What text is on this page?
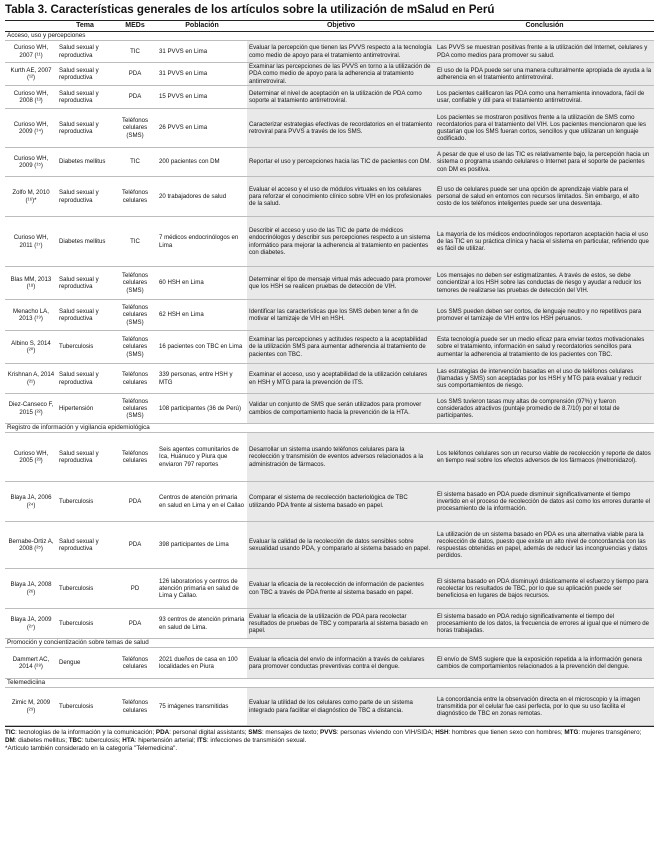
Tabla 3. Características generales de los artículos sobre la utilización de mSalud en Perú
	Tema	MEDs	Población	Objetivo	Conclusión
Acceso, uso y percepciones					
Curioso WH, 2007 (¹¹)	Salud sexual y reproductiva	TIC	31 PVVS en Lima	Evaluar la percepción que tienen las PVVS respecto a la tecnología como medio de apoyo para el tratamiento antirretroviral.	Las PVVS se muestran positivas frente a la utilización del Internet, celulares y PDA como medios para promover su salud.
Kurth AE, 2007 (¹²)	Salud sexual y reproductiva	PDA	31 PVVS en Lima	Examinar las percepciones de las PVVS en torno a la utilización de PDA como medio de apoyo para la adherencia al tratamiento antirretroviral.	El uso de la PDA puede ser una manera culturalmente apropiada de ayuda a la adherencia en el tratamiento antirretroviral.
Curioso WH, 2008 (¹³)	Salud sexual y reproductiva	PDA	15 PVVS en Lima	Determinar el nivel de aceptación en la utilización de PDA como soporte al tratamiento antirretroviral.	Los pacientes calificaron las PDA como una herramienta innovadora, fácil de usar, confiable y útil para el tratamiento antirretroviral.
Curioso WH, 2009 (¹⁴)	Salud sexual y reproductiva	Teléfonos celulares (SMS)	26 PVVS en Lima	Caracterizar estrategias efectivas de recordatorios en el tratamiento retroviral para PVVS a través de los SMS.	Los pacientes se mostraron positivos frente a la utilización de SMS como recordatorios para el tratamiento del VIH. Los pacientes mencionaron que les gustarían que los SMS fueran cortos, sencillos y que utilizaran un lenguaje codificado.
Curioso WH, 2009 (¹⁵)	Diabetes mellitus	TIC	200 pacientes con DM	Reportar el uso y percepciones hacia las TIC de pacientes con DM.	A pesar de que el uso de las TIC es relativamente bajo, la percepción hacia un sistema o programa usando celulares o Internet para el soporte de pacientes con DM es positiva.
Zolfo M, 2010 (¹⁶)*	Salud sexual y reproductiva	Teléfonos celulares	20 trabajadores de salud	Evaluar el acceso y el uso de módulos virtuales en los celulares para reforzar el conocimiento clínico sobre VIH en los profesionales de la salud.	El uso de celulares puede ser una opción de aprendizaje viable para el personal de salud en entornos con recursos limitados. Sin embargo, el alto costo de los teléfonos inteligentes puede ser una desventaja.
Curioso WH, 2011 (¹⁷)	Diabetes mellitus	TIC	7 médicos endocrinólogos en Lima	Describir el acceso y uso de las TIC de parte de médicos endocrinólogos y describir sus percepciones respecto a un sistema informático para mejorar la adherencia al tratamiento en pacientes con diabetes.	La mayoría de los médicos endocrinólogos reportaron aceptación hacia el uso de las TIC en su práctica clínica y hacia el sistema en particular, refiriendo que es fácil de utilizar.
Blas MM, 2013 (¹⁸)	Salud sexual y reproductiva	Teléfonos celulares (SMS)	60 HSH en Lima	Determinar el tipo de mensaje virtual más adecuado para promover que los HSH se realicen pruebas de detección de VIH.	Los mensajes no deben ser estigmatizantes. A través de estos, se debe concientizar a los HSH sobre las conductas de riesgo y ayudar a reducir los temores de realizarse las pruebas de detección del VIH.
Menacho LA, 2013 (¹⁹)	Salud sexual y reproductiva	Teléfonos celulares (SMS)	62 HSH en Lima	Identificar las características que los SMS deben tener a fin de motivar el tamizaje de VIH en HSH.	Los SMS pueden deben ser cortos, de lenguaje neutro y no repetitivos para promover el tamizaje de VIH entre los HSH peruanos.
Albino S, 2014 (²⁰)	Tuberculosis	Teléfonos celulares (SMS)	16 pacientes con TBC en Lima	Examinar las percepciones y actitudes respecto a la aceptabilidad de la utilización SMS para aumentar adherencia al tratamiento de pacientes con TBC.	Esta tecnología puede ser un medio eficaz para enviar textos motivacionales sobre el tratamiento, información en salud y recordatorios sencillos para aumentar la adherencia al tratamiento de los pacientes con TBC.
Krishnan A, 2014 (²¹)	Salud sexual y reproductiva	Teléfonos celulares	339 personas, entre HSH y MTG	Examinar el acceso, uso y aceptabilidad de la utilización celulares en HSH y MTG para la prevención de ITS.	Las estrategias de intervención basadas en el uso de teléfonos celulares (llamadas y SMS) son aceptadas por los HSH y MTG para evaluar y reducir sus comportamientos de riesgo.
Diez-Canseco F, 2015 (²²)	Hipertensión	Teléfonos celulares (SMS)	108 participantes (36 de Perú)	Validar un conjunto de SMS que serán utilizados para promover cambios de comportamiento hacia la prevención de la HTA.	Los SMS tuvieron tasas muy altas de comprensión (97%) y fueron considerados atractivos (puntaje promedio de 8.7/10) por el total de participantes.
Registro de información y vigilancia epidemiológica					
Curioso WH, 2005 (²³)	Salud sexual y reproductiva	Teléfonos celulares	Seis agentes comunitarios de Ica, Huánuco y Piura que enviaron 797 reportes	Desarrollar un sistema usando teléfonos celulares para la recolección y transmisión de eventos adversos relacionados a la administración de fármacos.	Los teléfonos celulares son un recurso viable de recolección y reporte de datos en tiempo real sobre los efectos adversos de los fármacos (metronidazol).
Blaya JA, 2006 (²⁴)	Tuberculosis	PDA	Centros de atención primaria en salud en Lima y en el Callao	Comparar el sistema de recolección bacteriológica de TBC utilizando PDA frente al sistema basado en papel.	El sistema basado en PDA puede disminuir significativamente el tiempo invertido en el proceso de recolección de datos así como los errores durante el procesamiento de la información.
Bernabe-Ortiz A, 2008 (²⁵)	Salud sexual y reproductiva	PDA	398 participantes de Lima	Evaluar la calidad de la recolección de datos sensibles sobre sexualidad usando PDA, y compararlo al sistema basado en papel.	La utilización de un sistema basado en PDA es una alternativa viable para la recolección de datos, puesto que existe un alto nivel de concordancia con las respuestas obtenidas en papel, además de reducir las incongruencias y datos perdidos.
Blaya JA, 2008 (²⁶)	Tuberculosis	PD	126 laboratorios y centros de atención primaria en salud de Lima y Callao.	Evaluar la eficacia de la recolección de información de pacientes con TBC a través de PDA frente al sistema basado en papel.	El sistema basado en PDA disminuyó drásticamente el esfuerzo y tiempo para recolectar los resultados de TBC, por lo que su aplicación puede ser beneficiosa en lugares de bajos recursos.
Blaya JA, 2009 (²⁷)	Tuberculosis	PDA	93 centros de atención primaria en salud de Lima.	Evaluar la eficacia de la utilización de PDA para recolectar resultados de pruebas de TBC y compararla al sistema basado en papel.	El sistema basado en PDA redujo significativamente el tiempo del procesamiento de los datos, la frecuencia de errores al igual que el número de horas trabajadas.
Promoción y concientización sobre temas de salud					
Dammert AC, 2014 (²⁸)	Dengue	Teléfonos celulares	2021 dueños de casa en 100 localidades en Piura	Evaluar la eficacia del envío de información a través de celulares para promover conductas preventivas contra el dengue.	El envío de SMS sugiere que la exposición repetida a la información genera cambios de comportamientos relacionados a la prevención del dengue.
Telemediciina					
Zimic M, 2009 (²⁹)	Tuberculosis	Teléfonos celulares	75 imágenes transmitidas	Evaluar la utilidad de los celulares como parte de un sistema integrado para facilitar el diagnóstico de TBC a distancia.	La concordancia entre la observación directa en el microscopio y la imagen transmitida por el celular fue casi perfecta, por lo que su uso facilita el diagnóstico de TBC en zonas remotas.
TIC: tecnologías de la información y la comunicación; PDA: personal digital assistants; SMS: mensajes de texto; PVVS: personas viviendo con VIH/SIDA; HSH: hombres que tienen sexo con hombres; MTG: mujeres transgénero; DM: diabetes mellitus; TBC: tuberculosis; HTA: hipertensión arterial; ITS: infecciones de transmisión sexual.
*Artículo también considerado en la categoría "Telemedicina".
